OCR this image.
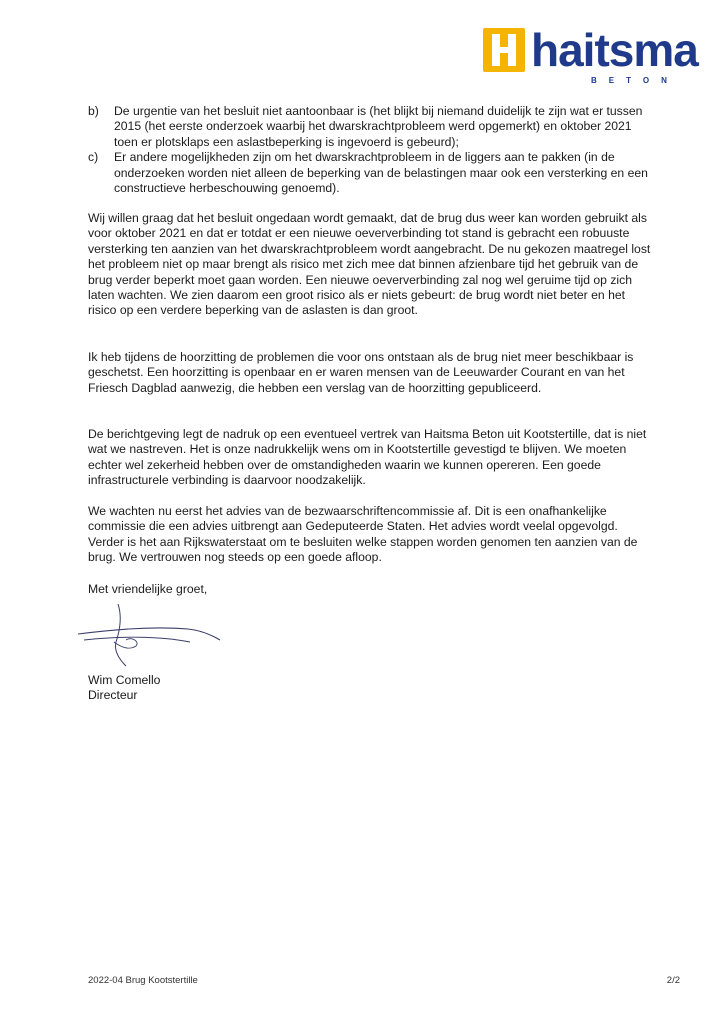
haitsma
BETON
b)	De urgentie van het besluit niet aantoonbaar is (het blijkt bij niemand duidelijk te zijn wat er tussen 2015 (het eerste onderzoek waarbij het dwarskrachtprobleem werd opgemerkt) en oktober 2021 toen er plotsklaps een aslastbeperking is ingevoerd is gebeurd);
c)	Er andere mogelijkheden zijn om het dwarskrachtprobleem in de liggers aan te pakken (in de onderzoeken worden niet alleen de beperking van de belastingen maar ook een versterking en een constructieve herbeschouwing genoemd).

Wij willen graag dat het besluit ongedaan wordt gemaakt, dat de brug dus weer kan worden gebruikt als voor oktober 2021 en dat er totdat er een nieuwe oeververbinding tot stand is gebracht een robuuste versterking ten aanzien van het dwarskrachtprobleem wordt aangebracht. De nu gekozen maatregel lost het probleem niet op maar brengt als risico met zich mee dat binnen afzienbare tijd het gebruik van de brug verder beperkt moet gaan worden. Een nieuwe oeververbinding zal nog wel geruime tijd op zich laten wachten. We zien daarom een groot risico als er niets gebeurt: de brug wordt niet beter en het risico op een verdere beperking van de aslasten is dan groot.

Ik heb tijdens de hoorzitting de problemen die voor ons ontstaan als de brug niet meer beschikbaar is geschetst. Een hoorzitting is openbaar en er waren mensen van de Leeuwarder Courant en van het Friesch Dagblad aanwezig, die hebben een verslag van de hoorzitting gepubliceerd.

De berichtgeving legt de nadruk op een eventueel vertrek van Haitsma Beton uit Kootstertille, dat is niet wat we nastreven. Het is onze nadrukkelijk wens om in Kootstertille gevestigd te blijven. We moeten echter wel zekerheid hebben over de omstandigheden waarin we kunnen opereren. Een goede infrastructurele verbinding is daarvoor noodzakelijk.

We wachten nu eerst het advies van de bezwaarschriftencommissie af. Dit is een onafhankelijke commissie die een advies uitbrengt aan Gedeputeerde Staten. Het advies wordt veelal opgevolgd. Verder is het aan Rijkswaterstaat om te besluiten welke stappen worden genomen ten aanzien van de brug. We vertrouwen nog steeds op een goede afloop.

Met vriendelijke groet,

Wim Comello
Directeur
2022-04 Brug Kootstertille	2/2
